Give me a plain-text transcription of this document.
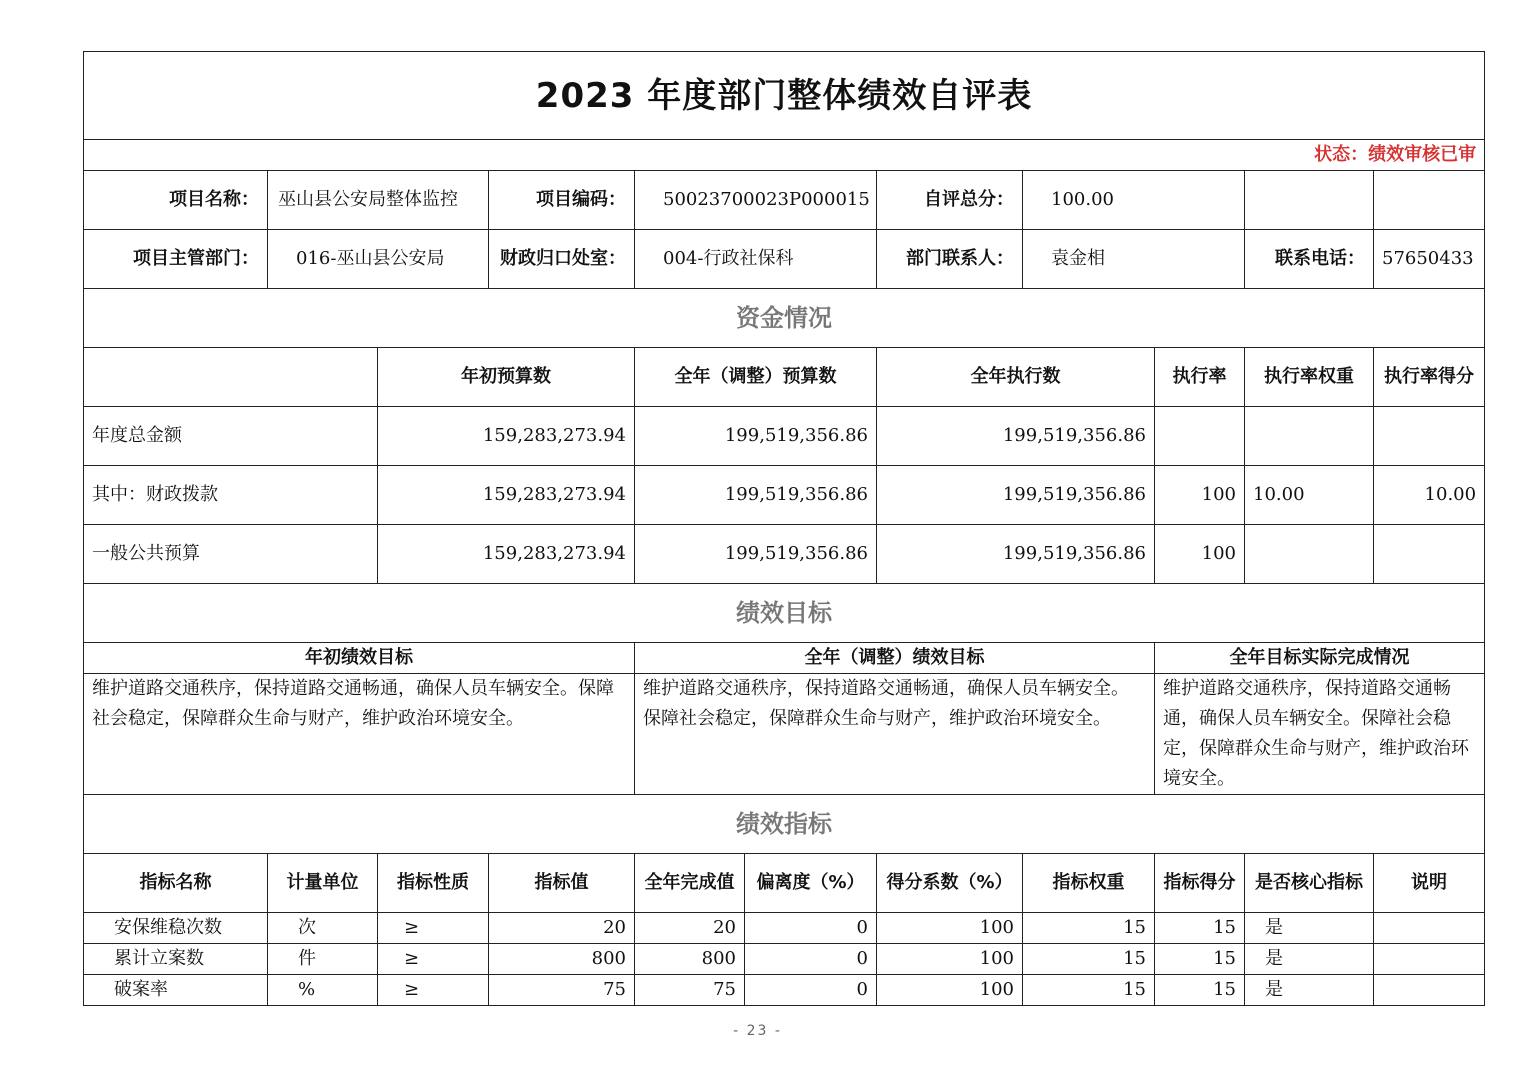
2023 年度部门整体绩效自评表										
状态：绩效审核已审										
项目名称：	巫山县公安局整体监控		项目编码：	50023700023P000015		自评总分：	100.00			
项目主管部门：	016-巫山县公安局		财政归口处室：	004-行政社保科		部门联系人：	袁金相		联系电话：	57650433
资金情况										
		年初预算数		全年（调整）预算数		全年执行数		执行率	执行率权重	执行率得分
年度总金额		159,283,273.94		199,519,356.86		199,519,356.86				
其中：财政拨款		159,283,273.94		199,519,356.86		199,519,356.86		100	10.00	10.00
一般公共预算		159,283,273.94		199,519,356.86		199,519,356.86		100		
绩效目标										
年初绩效目标				全年（调整）绩效目标				全年目标实际完成情况		
维护道路交通秩序，保持道路交通畅通，确保人员车辆安全。保障社会稳定，保障群众生命与财产，维护政治环境安全。				维护道路交通秩序，保持道路交通畅通，确保人员车辆安全。保障社会稳定，保障群众生命与财产，维护政治环境安全。				维护道路交通秩序，保持道路交通畅通，确保人员车辆安全。保障社会稳定，保障群众生命与财产，维护政治环境安全。		
绩效指标										
指标名称	计量单位	指标性质	指标值	全年完成值	偏离度（%）	得分系数（%）	指标权重	指标得分	是否核心指标	说明
安保维稳次数	次	≥	20	20	0	100	15	15	是	
累计立案数	件	≥	800	800	0	100	15	15	是	
破案率	%	≥	75	75	0	100	15	15	是	
- 23 -
